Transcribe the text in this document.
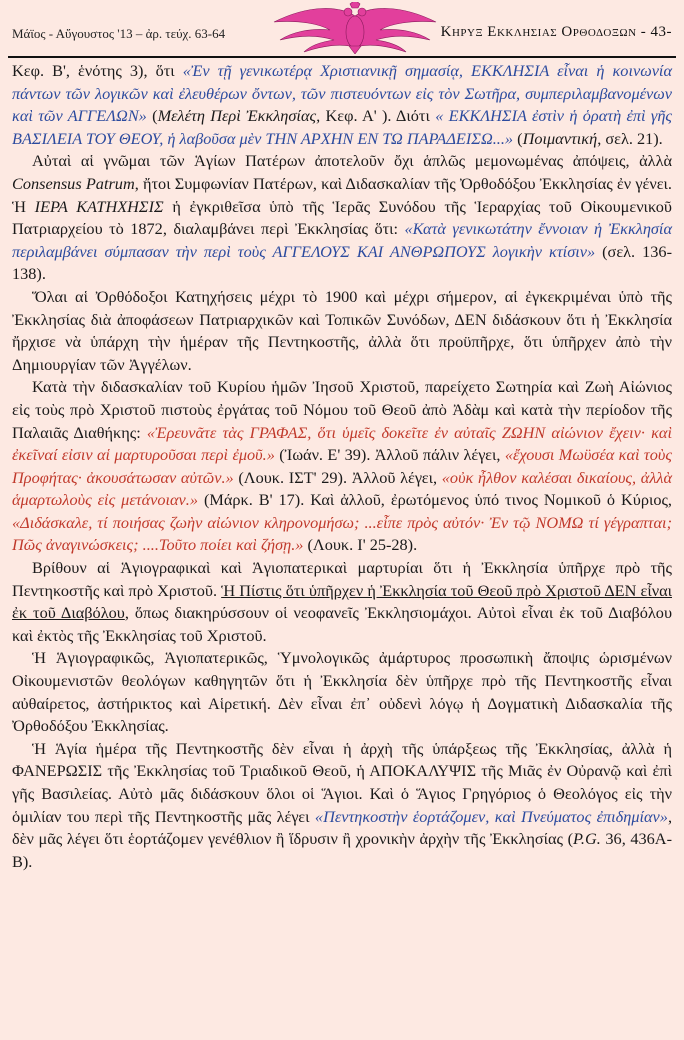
Μάϊος - Αὔγουστος '13 – ἀρ. τεύχ. 63-64	Κηρυξ Εκκλησιας Ορθοδοξων - 43-

Κεφ. Β', ἑνότης 3), ὅτι «Ἐν τῇ γενικωτέρᾳ Χριστιανικῇ σημασίᾳ, ΕΚΚΛΗΣΙΑ εἶναι ἡ κοινωνία πάντων τῶν λογικῶν καὶ ἐλευθέρων ὄντων, τῶν πιστευόντων εἰς τὸν Σωτῆρα, συμπεριλαμβανομένων καὶ τῶν ΑΓΓΕΛΩΝ» (Μελέτη Περὶ Ἐκκλησίας, Κεφ. Α' ). Διότι « ΕΚΚΛΗΣΙΑ ἐστὶν ἡ ὁρατὴ ἐπὶ γῆς ΒΑΣΙΛΕΙΑ ΤΟΥ ΘΕΟΥ, ἡ λαβοῦσα μὲν ΤΗΝ ΑΡΧΗΝ ΕΝ ΤΩ ΠΑΡΑΔΕΙΣΩ...» (Ποιμαντική, σελ. 21).

Αὐταὶ αἱ γνῶμαι τῶν Ἁγίων Πατέρων ἀποτελοῦν ὄχι ἁπλῶς μεμονωμένας ἀπόψεις, ἀλλὰ Consensus Patrum, ἤτοι Συμφωνίαν Πατέρων, καὶ Διδασκαλίαν τῆς Ὀρθοδόξου Ἐκκλησίας ἐν γένει. Ἡ ΙΕΡΑ ΚΑΤΗΧΗΣΙΣ ἡ ἐγκριθεῖσα ὑπὸ τῆς Ἱερᾶς Συνόδου τῆς Ἱεραρχίας τοῦ Οἰκουμενικοῦ Πατριαρχείου τὸ 1872, διαλαμβάνει περὶ Ἐκκλησίας ὅτι: «Κατὰ γενικωτάτην ἔννοιαν ἡ Ἐκκλησία περιλαμβάνει σύμπασαν τὴν περὶ τοὺς ΑΓΓΕΛΟΥΣ ΚΑΙ ΑΝΘΡΩΠΟΥΣ λογικὴν κτίσιν» (σελ. 136-138).

Ὅλαι αἱ Ὀρθόδοξοι Κατηχήσεις μέχρι τὸ 1900 καὶ μέχρι σήμερον, αἱ ἐγκεκριμέναι ὑπὸ τῆς Ἐκκλησίας διὰ ἀποφάσεων Πατριαρχικῶν καὶ Τοπικῶν Συνόδων, ΔΕΝ διδάσκουν ὅτι ἡ Ἐκκλησία ἤρχισε νὰ ὑπάρχη τὴν ἡμέραν τῆς Πεντηκοστῆς, ἀλλὰ ὅτι προϋπῆρχε, ὅτι ὑπῆρχεν ἀπὸ τὴν Δημιουργίαν τῶν Ἀγγέλων.

Κατὰ τὴν διδασκαλίαν τοῦ Κυρίου ἡμῶν Ἰησοῦ Χριστοῦ, παρείχετο Σωτηρία καὶ Ζωὴ Αἰώνιος εἰς τοὺς πρὸ Χριστοῦ πιστοὺς ἐργάτας τοῦ Νόμου τοῦ Θεοῦ ἀπὸ Ἀδὰμ καὶ κατὰ τὴν περίοδον τῆς Παλαιᾶς Διαθήκης: «Ἐρευνᾶτε τὰς ΓΡΑΦΑΣ, ὅτι ὑμεῖς δοκεῖτε ἐν αὐταῖς ΖΩΗΝ αἰώνιον ἔχειν· καὶ ἐκεῖναί εἰσιν αἱ μαρτυροῦσαι περὶ ἐμοῦ.» (Ἰωάν. Ε' 39). Ἀλλοῦ πάλιν λέγει, «ἔχουσι Μωϋσέα καὶ τοὺς Προφήτας· ἀκουσάτωσαν αὐτῶν.» (Λουκ. ΙΣΤ' 29). Ἀλλοῦ λέγει, «οὐκ ἦλθον καλέσαι δικαίους, ἀλλὰ ἁμαρτωλοὺς εἰς μετάνοιαν.» (Μάρκ. Β' 17). Καὶ ἀλλοῦ, ἐρωτόμενος ὑπό τινος Νομικοῦ ὁ Κύριος, «Διδάσκαλε, τί ποιήσας ζωὴν αἰώνιον κληρονομήσω; ...εἶπε πρὸς αὐτόν· Ἐν τῷ ΝΟΜΩ τί γέγραπται; Πῶς ἀναγινώσκεις; ....Τοῦτο ποίει καὶ ζήσῃ.» (Λουκ. Ι' 25-28).

Βρίθουν αἱ Ἁγιογραφικαὶ καὶ Ἁγιοπατερικαὶ μαρτυρίαι ὅτι ἡ Ἐκκλησία ὑπῆρχε πρὸ τῆς Πεντηκοστῆς καὶ πρὸ Χριστοῦ. Ἡ Πίστις ὅτι ὑπῆρχεν ἡ Ἐκκλησία τοῦ Θεοῦ πρὸ Χριστοῦ ΔΕΝ εἶναι ἐκ τοῦ Διαβόλου, ὅπως διακηρύσσουν οἱ νεοφανεῖς Ἐκκλησιομάχοι. Αὐτοὶ εἶναι ἐκ τοῦ Διαβόλου καὶ ἐκτὸς τῆς Ἐκκλησίας τοῦ Χριστοῦ.

Ἡ Ἁγιογραφικῶς, Ἁγιοπατερικῶς, Ὑμνολογικῶς ἀμάρτυρος προσωπικὴ ἄποψις ὡρισμένων Οἰκουμενιστῶν θεολόγων καθηγητῶν ὅτι ἡ Ἐκκλησία δὲν ὑπῆρχε πρὸ τῆς Πεντηκοστῆς εἶναι αὐθαίρετος, ἀστήρικτος καὶ Αἱρετική. Δὲν εἶναι ἐπ᾽ οὐδενὶ λόγῳ ἡ Δογματικὴ Διδασκαλία τῆς Ὀρθοδόξου Ἐκκλησίας.

Ἡ Ἁγία ἡμέρα τῆς Πεντηκοστῆς δὲν εἶναι ἡ ἀρχὴ τῆς ὑπάρξεως τῆς Ἐκκλησίας, ἀλλὰ ἡ ΦΑΝΕΡΩΣΙΣ τῆς Ἐκκλησίας τοῦ Τριαδικοῦ Θεοῦ, ἡ ΑΠΟΚΑΛΥΨΙΣ τῆς Μιᾶς ἐν Οὐρανῷ καὶ ἐπὶ γῆς Βασιλείας. Αὐτὸ μᾶς διδάσκουν ὅλοι οἱ Ἅγιοι. Καὶ ὁ Ἅγιος Γρηγόριος ὁ Θεολόγος εἰς τὴν ὁμιλίαν του περὶ τῆς Πεντηκοστῆς μᾶς λέγει «Πεντηκοστὴν ἑορτάζομεν, καὶ Πνεύματος ἐπιδημίαν», δὲν μᾶς λέγει ὅτι ἑορτάζομεν γενέθλιον ἢ ἵδρυσιν ἢ χρονικὴν ἀρχὴν τῆς Ἐκκλησίας (P.G. 36, 436A-B).
